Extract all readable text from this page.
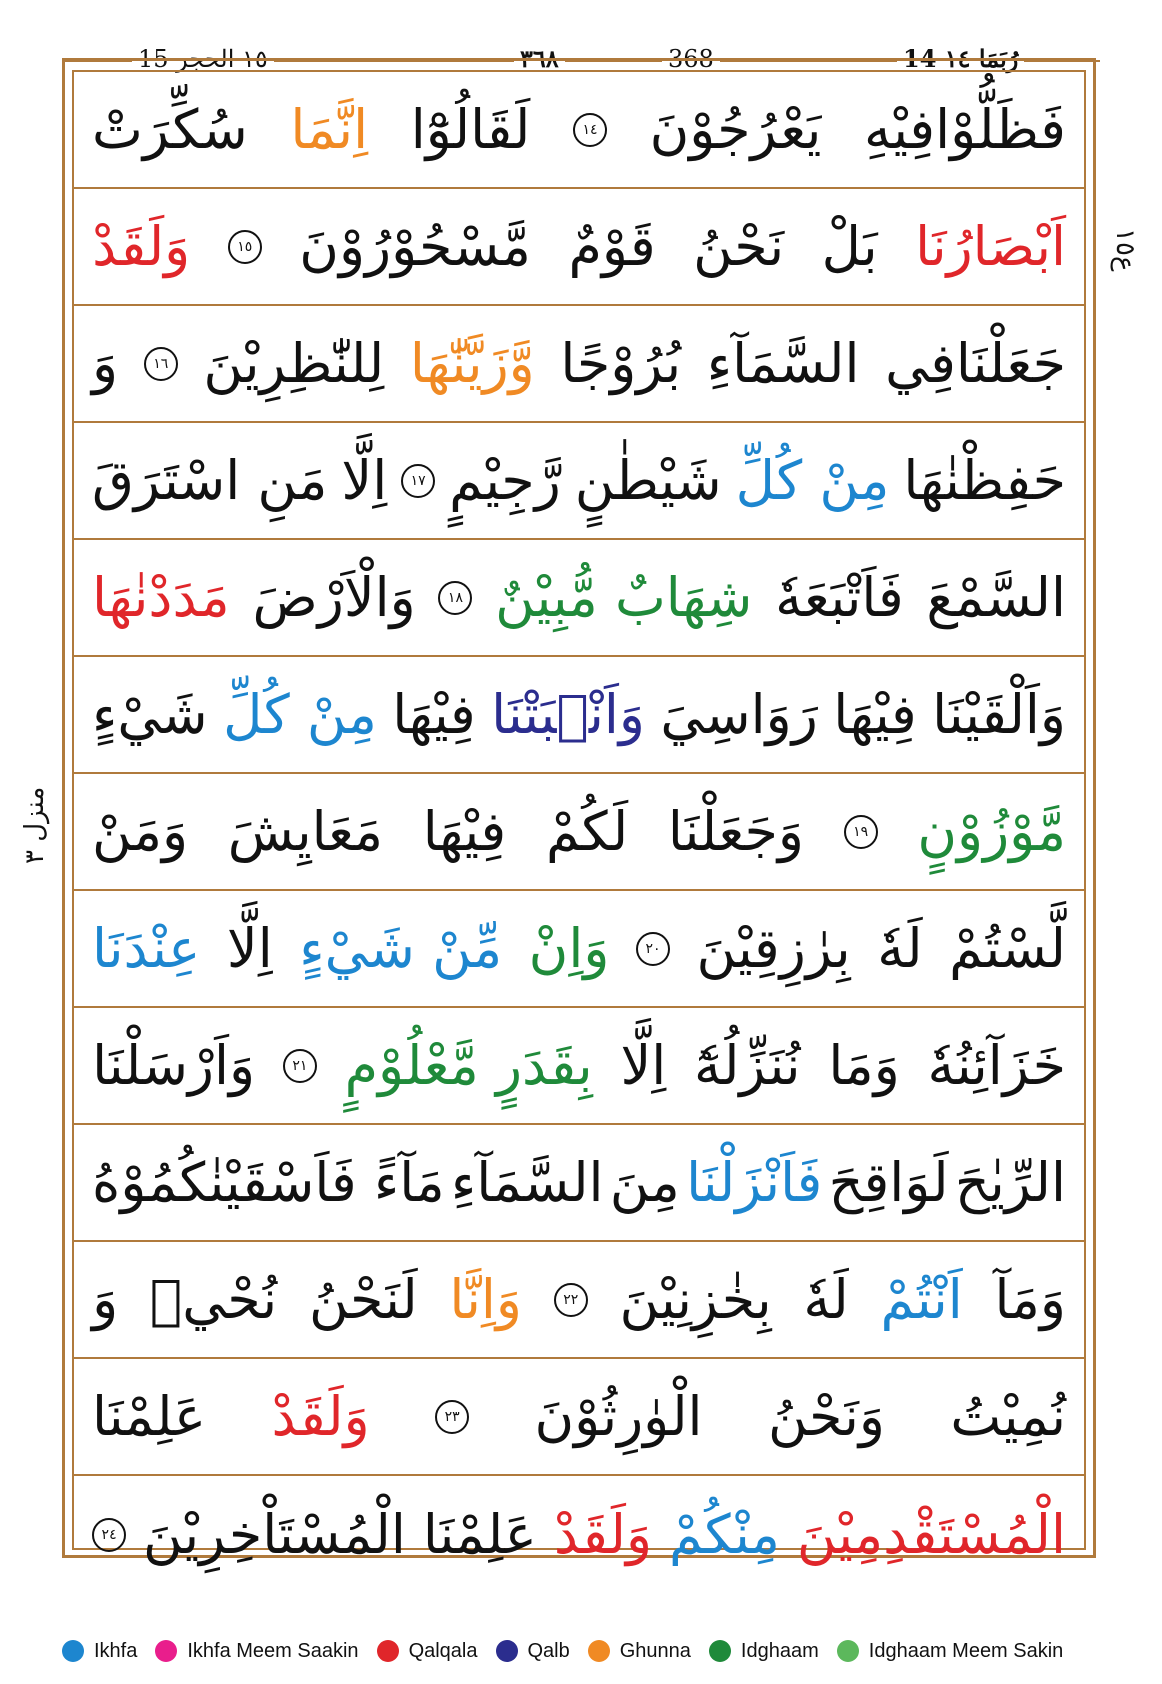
١٥ الحجر 15	٣٦٨	368	14 رُبَمَا ١٤
فَظَلُّوْافِيْهِ
يَعْرُجُوْنَ
١٤
لَقَالُوْٓا
اِنَّمَا
سُكِّرَتْ
اَبْصَارُنَا
بَلْ
نَحْنُ
قَوْمٌ
مَّسْحُوْرُوْنَ
١٥
وَلَقَدْ
جَعَلْنَافِي
السَّمَآءِ
بُرُوْجًا
وَّزَيَّنّٰهَا
لِلنّٰظِرِيْنَ
١٦
وَ
حَفِظْنٰهَا
مِنْ كُلِّ
شَيْطٰنٍ
رَّجِيْمٍ
١٧
اِلَّا
مَنِ اسْتَرَقَ
السَّمْعَ
فَاَتْبَعَهٗ
شِهَابٌ مُّبِيْنٌ
١٨
وَالْاَرْضَ
مَدَدْنٰهَا
وَاَلْقَيْنَا
فِيْهَا
رَوَاسِيَ
وَاَنْۢبَتْنَا
فِيْهَا
مِنْ كُلِّ
شَيْءٍ
مَّوْزُوْنٍ
١٩
وَجَعَلْنَا
لَكُمْ
فِيْهَا
مَعَايِشَ
وَمَنْ
لَّسْتُمْ
لَهٗ
بِرٰزِقِيْنَ
٢٠
وَاِنْ
مِّنْ شَيْءٍ
اِلَّا
عِنْدَنَا
خَزَآئِنُهٗ
وَمَا
نُنَزِّلُهٗٓ
اِلَّا
بِقَدَرٍ مَّعْلُوْمٍ
٢١
وَاَرْسَلْنَا
الرِّيٰحَ
لَوَاقِحَ
فَاَنْزَلْنَا
مِنَ
السَّمَآءِ
مَآءً فَاَسْقَيْنٰكُمُوْهُ
وَمَآ
اَنْتُمْ
لَهٗ
بِخٰزِنِيْنَ
٢٢
وَاِنَّا
لَنَحْنُ
نُحْيٖ
وَ
نُمِيْتُ
وَنَحْنُ
الْوٰرِثُوْنَ
٢٣
وَلَقَدْ
عَلِمْنَا
الْمُسْتَقْدِمِيْنَ
مِنْكُمْ
وَلَقَدْ
عَلِمْنَا
الْمُسْتَاْخِرِيْنَ
٢٤
ع١٥
منزل ٣
Ikhfa	Ikhfa Meem Saakin	Qalqala	Qalb	Ghunna	Idghaam	Idghaam Meem Sakin
